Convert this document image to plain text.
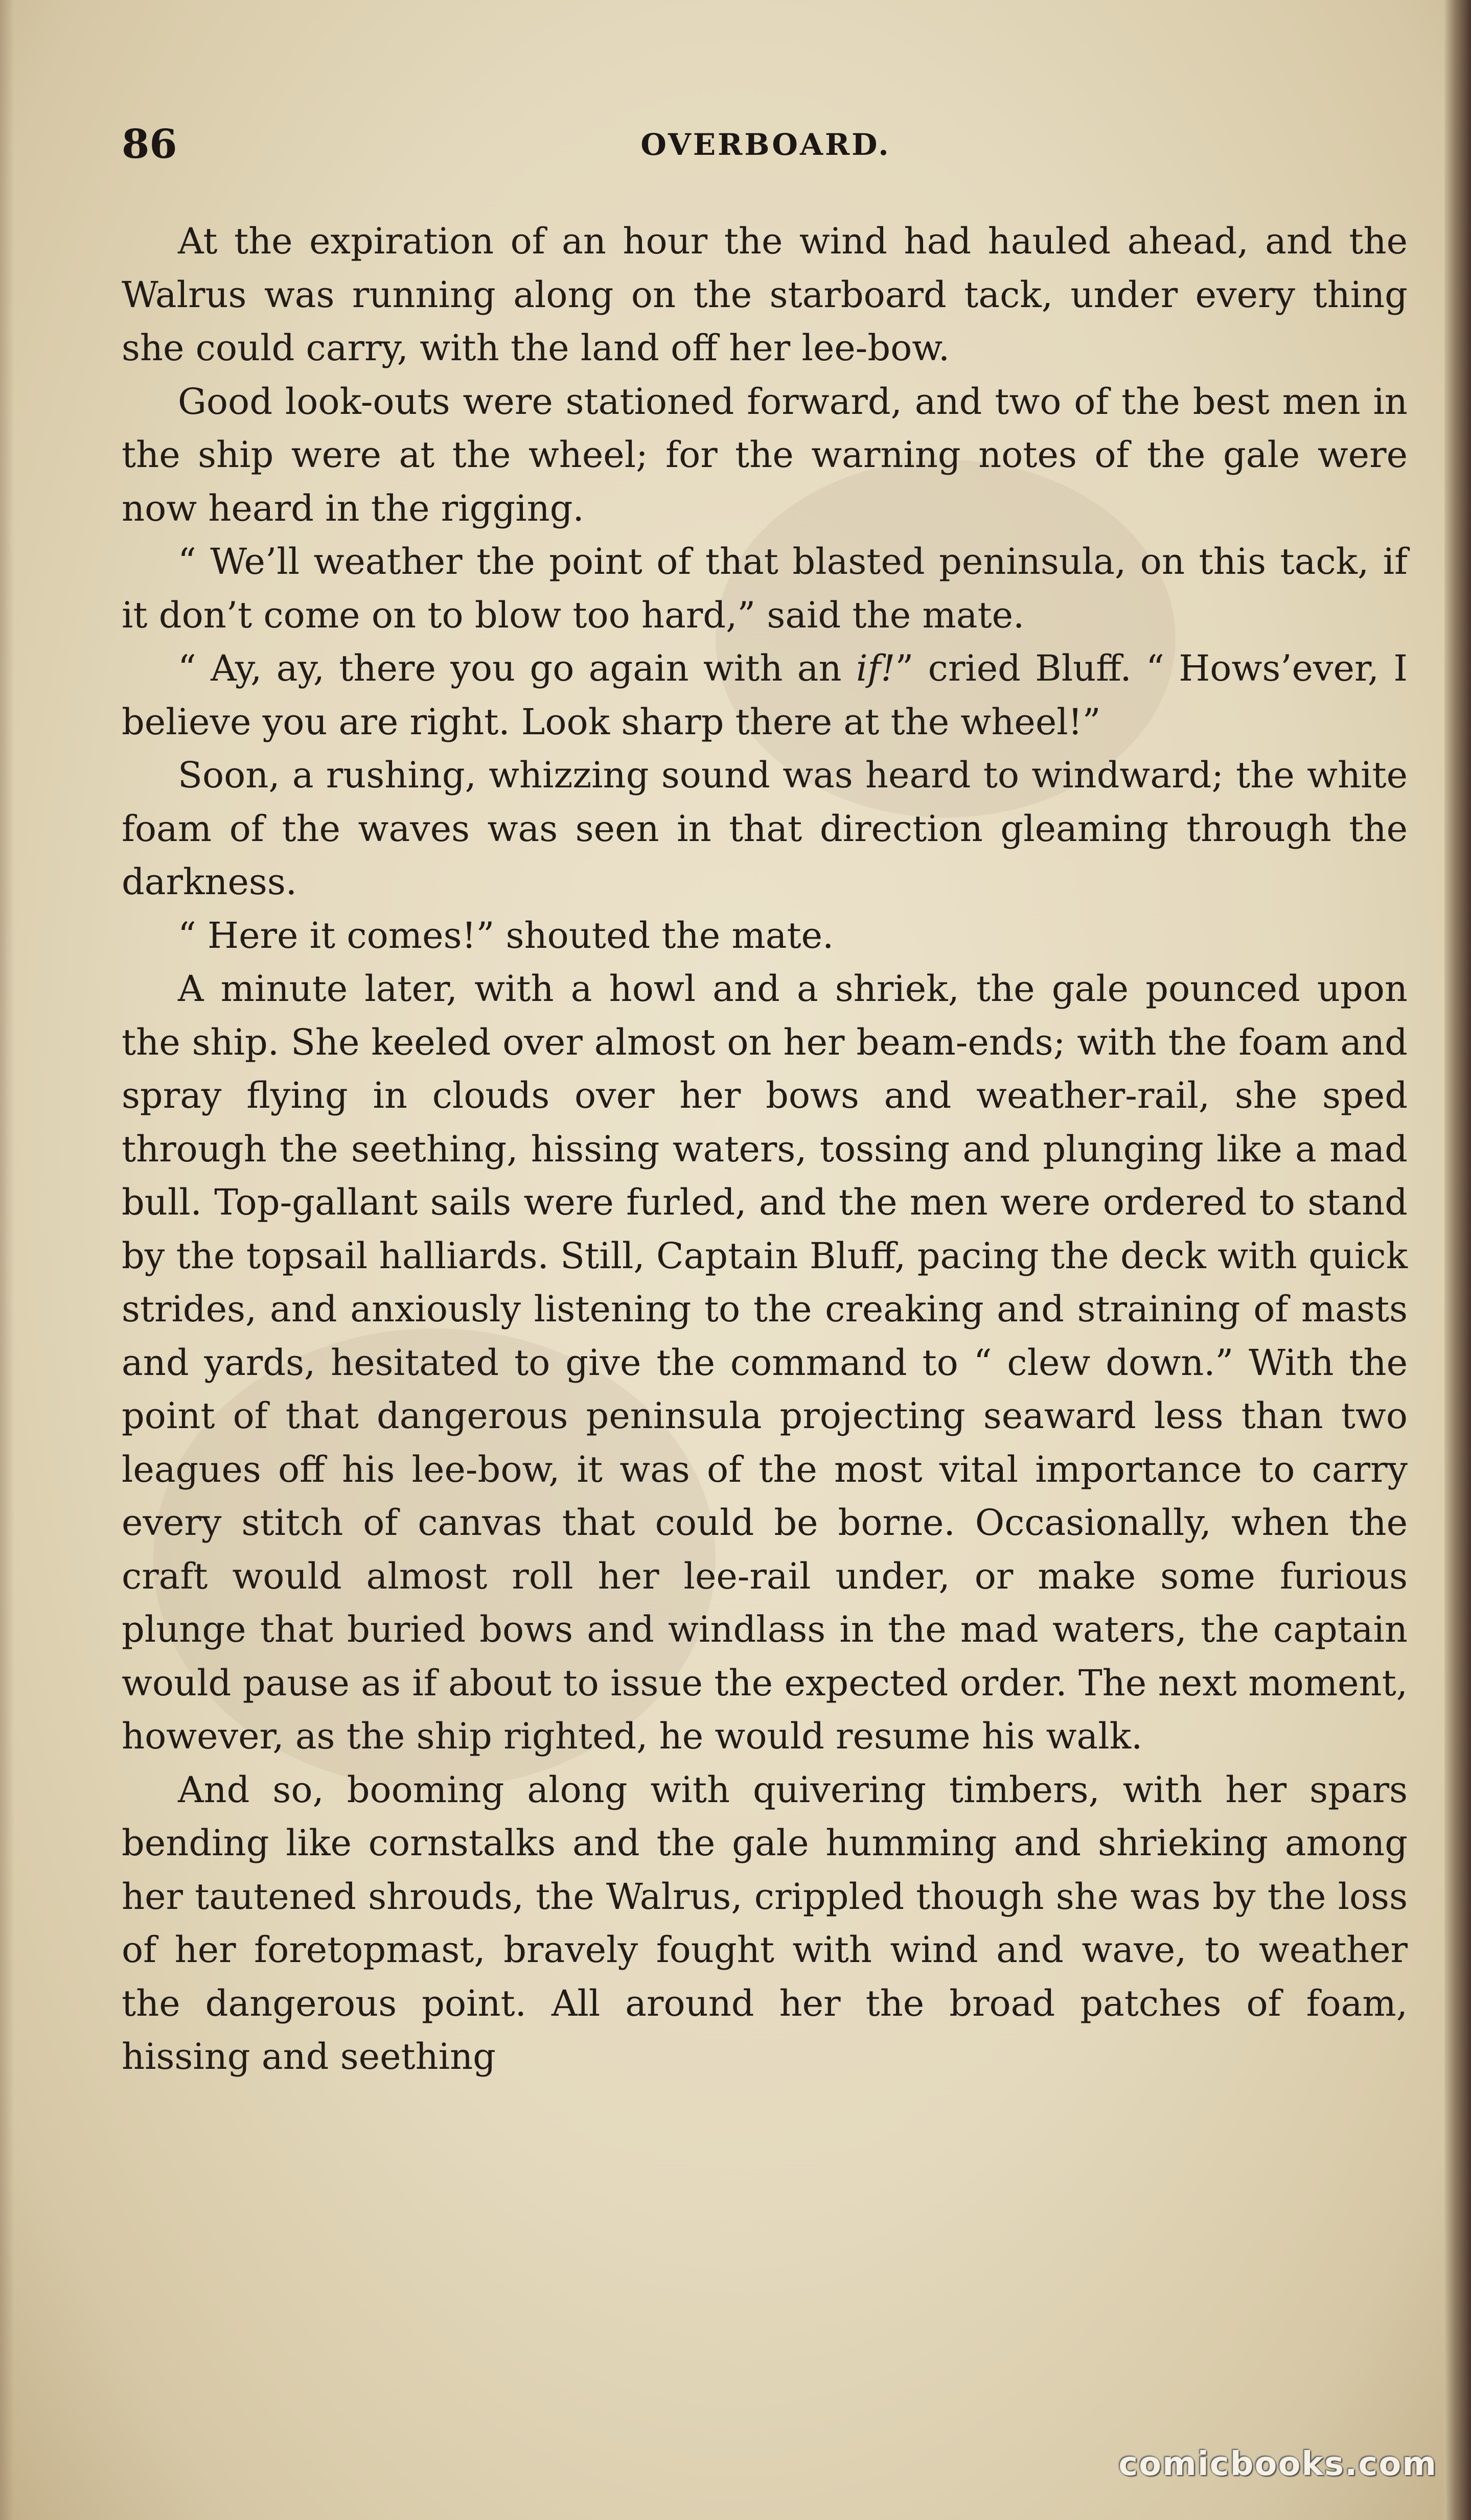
OVERBOARD.
86

At the expiration of an hour the wind had hauled ahead, and the Walrus was running along on the starboard tack, under every thing she could carry, with the land off her lee-bow.

Good look-outs were stationed forward, and two of the best men in the ship were at the wheel; for the warning notes of the gale were now heard in the rigging.

“ We’ll weather the point of that blasted peninsula, on this tack, if it don’t come on to blow too hard,” said the mate.

“ Ay, ay, there you go again with an if!” cried Bluff. “ Hows’ever, I believe you are right. Look sharp there at the wheel!”

Soon, a rushing, whizzing sound was heard to windward; the white foam of the waves was seen in that direction gleaming through the darkness.

“ Here it comes!” shouted the mate.

A minute later, with a howl and a shriek, the gale pounced upon the ship. She keeled over almost on her beam-ends; with the foam and spray flying in clouds over her bows and weather-rail, she sped through the seething, hissing waters, tossing and plunging like a mad bull. Top-gallant sails were furled, and the men were ordered to stand by the topsail halliards. Still, Captain Bluff, pacing the deck with quick strides, and anxiously listening to the creaking and straining of masts and yards, hesitated to give the command to “ clew down.” With the point of that dangerous peninsula projecting seaward less than two leagues off his lee-bow, it was of the most vital importance to carry every stitch of canvas that could be borne. Occasionally, when the craft would almost roll her lee-rail under, or make some furious plunge that buried bows and windlass in the mad waters, the captain would pause as if about to issue the expected order. The next moment, however, as the ship righted, he would resume his walk.

And so, booming along with quivering timbers, with her spars bending like cornstalks and the gale humming and shrieking among her tautened shrouds, the Walrus, crippled though she was by the loss of her foretopmast, bravely fought with wind and wave, to weather the dangerous point. All around her the broad patches of foam, hissing and seething

comicbooks.com
